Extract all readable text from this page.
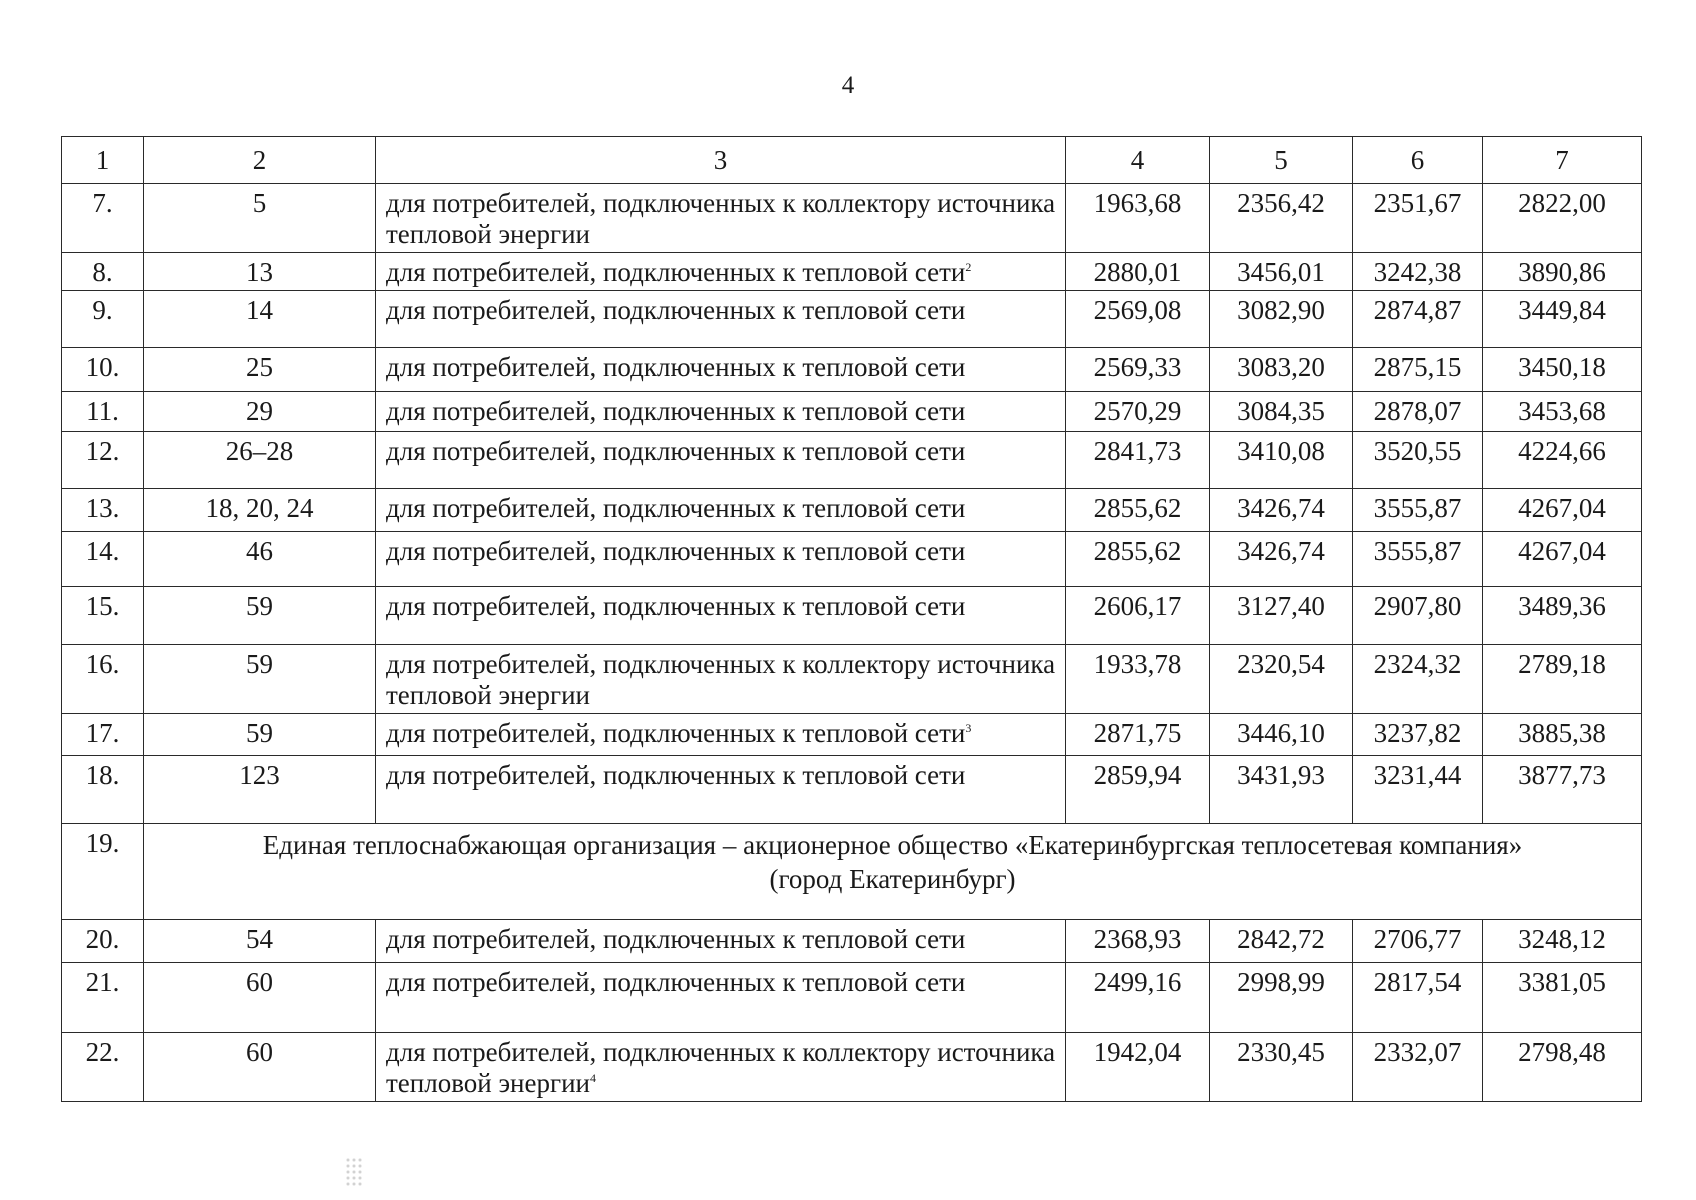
4
1	2	3	4	5	6	7
7.	5	для потребителей, подключенных к коллектору источника тепловой энергии	1963,68	2356,42	2351,67	2822,00
8.	13	для потребителей, подключенных к тепловой сети$^2$	2880,01	3456,01	3242,38	3890,86
9.	14	для потребителей, подключенных к тепловой сети	2569,08	3082,90	2874,87	3449,84
10.	25	для потребителей, подключенных к тепловой сети	2569,33	3083,20	2875,15	3450,18
11.	29	для потребителей, подключенных к тепловой сети	2570,29	3084,35	2878,07	3453,68
12.	26–28	для потребителей, подключенных к тепловой сети	2841,73	3410,08	3520,55	4224,66
13.	18, 20, 24	для потребителей, подключенных к тепловой сети	2855,62	3426,74	3555,87	4267,04
14.	46	для потребителей, подключенных к тепловой сети	2855,62	3426,74	3555,87	4267,04
15.	59	для потребителей, подключенных к тепловой сети	2606,17	3127,40	2907,80	3489,36
16.	59	для потребителей, подключенных к коллектору источника тепловой энергии	1933,78	2320,54	2324,32	2789,18
17.	59	для потребителей, подключенных к тепловой сети$^3$	2871,75	3446,10	3237,82	3885,38
18.	123	для потребителей, подключенных к тепловой сети	2859,94	3431,93	3231,44	3877,73
19.	Единая теплоснабжающая организация – акционерное общество «Екатеринбургская теплосетевая компания»
(город Екатеринбург)					

20.	54	для потребителей, подключенных к тепловой сети	2368,93	2842,72	2706,77	3248,12
21.	60	для потребителей, подключенных к тепловой сети	2499,16	2998,99	2817,54	3381,05
22.	60	для потребителей, подключенных к коллектору источника тепловой энергии$^4$	1942,04	2330,45	2332,07	2798,48
